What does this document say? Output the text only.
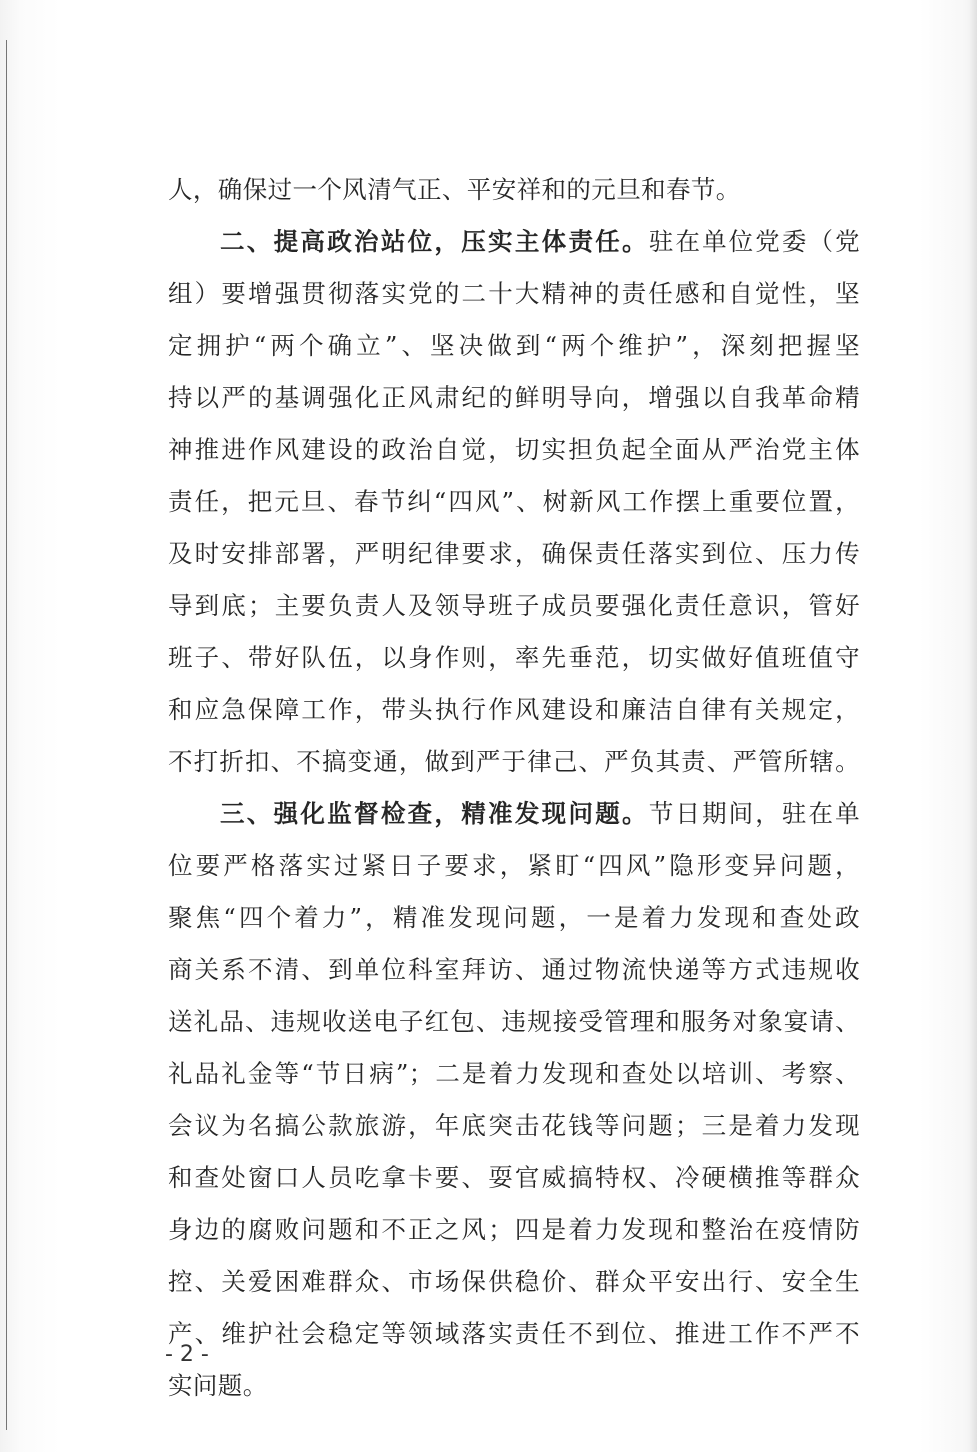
人，确保过一个风清气正、平安祥和的元旦和春节。
二、提高政治站位，压实主体责任。驻在单位党委（党
组）要增强贯彻落实党的二十大精神的责任感和自觉性，坚
定拥护“两个确立”、坚决做到“两个维护”，深刻把握坚
持以严的基调强化正风肃纪的鲜明导向，增强以自我革命精
神推进作风建设的政治自觉，切实担负起全面从严治党主体
责任，把元旦、春节纠“四风”、树新风工作摆上重要位置，
及时安排部署，严明纪律要求，确保责任落实到位、压力传
导到底；主要负责人及领导班子成员要强化责任意识，管好
班子、带好队伍，以身作则，率先垂范，切实做好值班值守
和应急保障工作，带头执行作风建设和廉洁自律有关规定，
不打折扣、不搞变通，做到严于律己、严负其责、严管所辖。
三、强化监督检查，精准发现问题。节日期间，驻在单
位要严格落实过紧日子要求，紧盯“四风”隐形变异问题，
聚焦“四个着力”，精准发现问题，一是着力发现和查处政
商关系不清、到单位科室拜访、通过物流快递等方式违规收
送礼品、违规收送电子红包、违规接受管理和服务对象宴请、
礼品礼金等“节日病”；二是着力发现和查处以培训、考察、
会议为名搞公款旅游，年底突击花钱等问题；三是着力发现
和查处窗口人员吃拿卡要、耍官威搞特权、冷硬横推等群众
身边的腐败问题和不正之风；四是着力发现和整治在疫情防
控、关爱困难群众、市场保供稳价、群众平安出行、安全生
产、维护社会稳定等领域落实责任不到位、推进工作不严不
实问题。
- 2 -
